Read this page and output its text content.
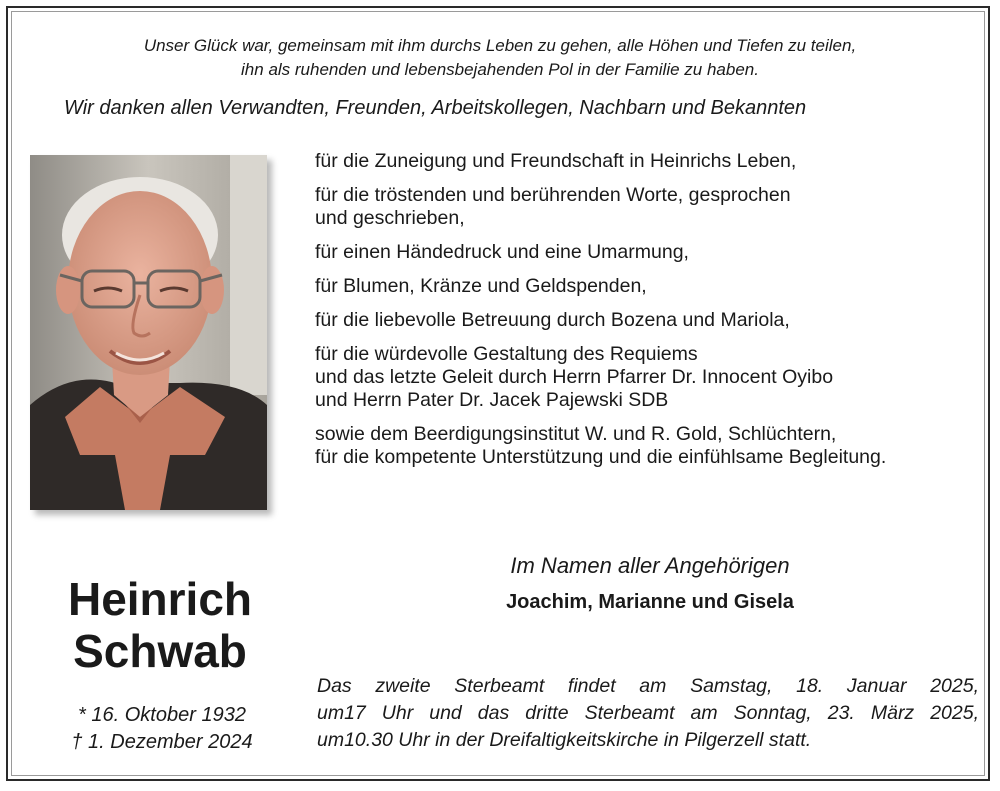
Unser Glück war, gemeinsam mit ihm durchs Leben zu gehen, alle Höhen und Tiefen zu teilen,
ihn als ruhenden und lebensbejahenden Pol in der Familie zu haben.
Wir danken allen Verwandten, Freunden, Arbeitskollegen, Nachbarn und Bekannten
für die Zuneigung und Freundschaft in Heinrichs Leben,
für die tröstenden und berührenden Worte, gesprochen
und geschrieben,
für einen Händedruck und eine Umarmung,
für Blumen, Kränze und Geldspenden,
für die liebevolle Betreuung durch Bozena und Mariola,
für die würdevolle Gestaltung des Requiems
und das letzte Geleit durch Herrn Pfarrer Dr. Innocent Oyibo
und Herrn Pater Dr. Jacek Pajewski SDB
sowie dem Beerdigungsinstitut W. und R. Gold, Schlüchtern,
für die kompetente Unterstützung und die einfühlsame Begleitung.
Im Namen aller Angehörigen
Joachim, Marianne und Gisela
Heinrich
Schwab
* 16. Oktober 1932
† 1. Dezember 2024
Das zweite Sterbeamt findet am Samstag, 18. Januar 2025,
um17 Uhr und das dritte Sterbeamt am Sonntag, 23. März 2025,
um10.30 Uhr in der Dreifaltigkeitskirche in Pilgerzell statt.
